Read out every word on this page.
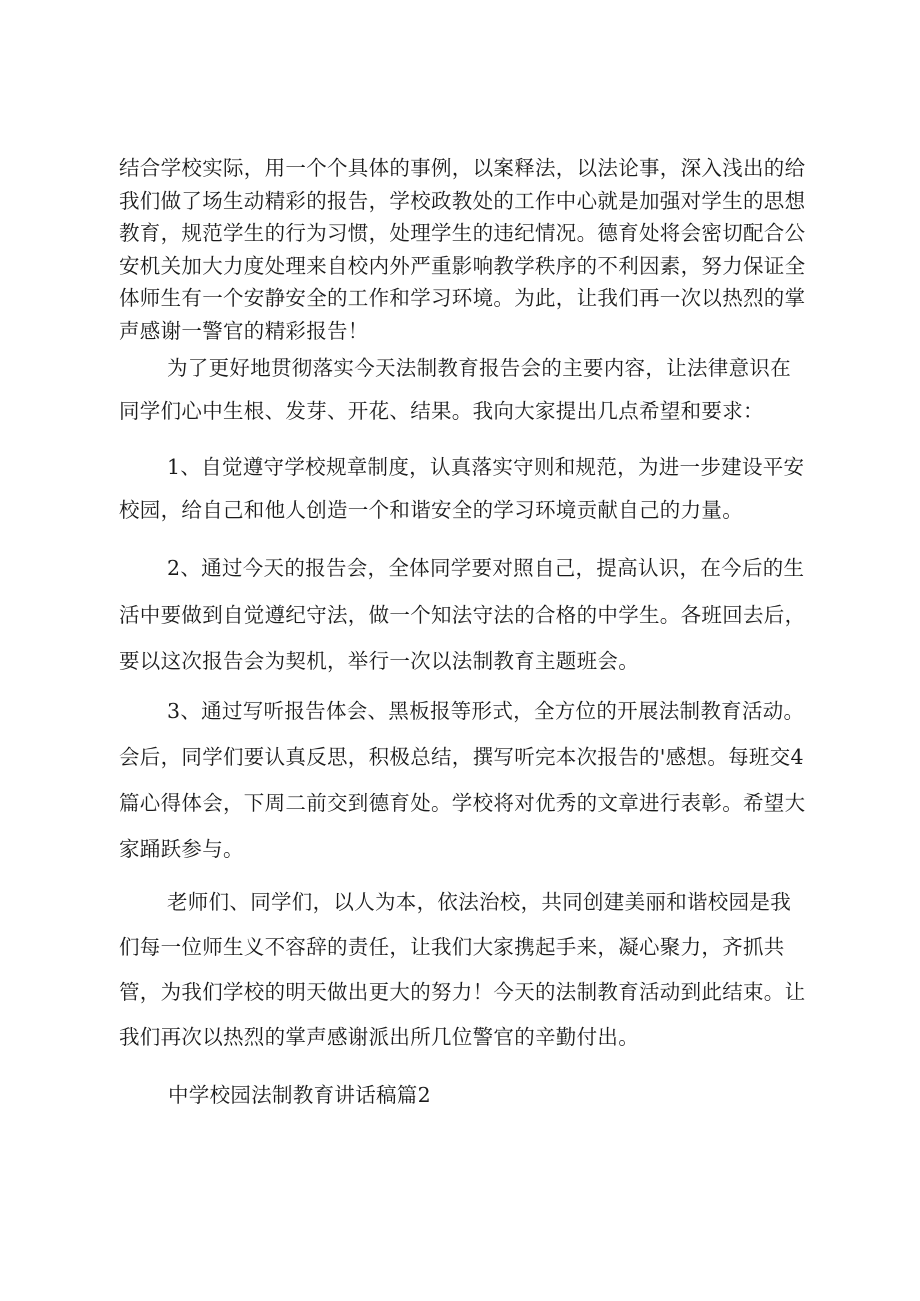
结合学校实际，用一个个具体的事例，以案释法，以法论事，深入浅出的给我们做了场生动精彩的报告，学校政教处的工作中心就是加强对学生的思想教育，规范学生的行为习惯，处理学生的违纪情况。德育处将会密切配合公安机关加大力度处理来自校内外严重影响教学秩序的不利因素，努力保证全体师生有一个安静安全的工作和学习环境。为此，让我们再一次以热烈的掌声感谢一警官的精彩报告！

为了更好地贯彻落实今天法制教育报告会的主要内容，让法律意识在同学们心中生根、发芽、开花、结果。我向大家提出几点希望和要求：

1、自觉遵守学校规章制度，认真落实守则和规范，为进一步建设平安校园，给自己和他人创造一个和谐安全的学习环境贡献自己的力量。

2、通过今天的报告会，全体同学要对照自己，提高认识，在今后的生活中要做到自觉遵纪守法，做一个知法守法的合格的中学生。各班回去后，要以这次报告会为契机，举行一次以法制教育主题班会。

3、通过写听报告体会、黑板报等形式，全方位的开展法制教育活动。会后，同学们要认真反思，积极总结，撰写听完本次报告的'感想。每班交4篇心得体会，下周二前交到德育处。学校将对优秀的文章进行表彰。希望大家踊跃参与。

老师们、同学们，以人为本，依法治校，共同创建美丽和谐校园是我们每一位师生义不容辞的责任，让我们大家携起手来，凝心聚力，齐抓共管，为我们学校的明天做出更大的努力！今天的法制教育活动到此结束。让我们再次以热烈的掌声感谢派出所几位警官的辛勤付出。

中学校园法制教育讲话稿篇2
